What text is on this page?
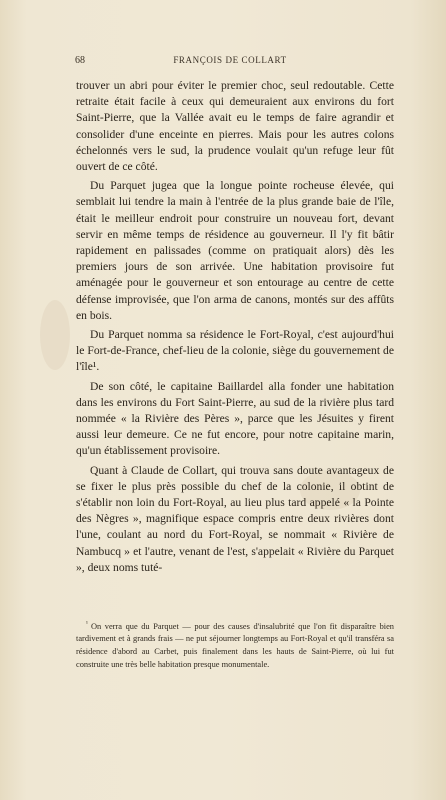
68	FRANÇOIS DE COLLART

trouver un abri pour éviter le premier choc, seul redoutable. Cette retraite était facile à ceux qui demeuraient aux environs du fort Saint-Pierre, que la Vallée avait eu le temps de faire agrandir et consolider d'une enceinte en pierres. Mais pour les autres colons échelonnés vers le sud, la prudence voulait qu'un refuge leur fût ouvert de ce côté.

Du Parquet jugea que la longue pointe rocheuse élevée, qui semblait lui tendre la main à l'entrée de la plus grande baie de l'île, était le meilleur endroit pour construire un nouveau fort, devant servir en même temps de résidence au gouverneur. Il l'y fit bâtir rapidement en palissades (comme on pratiquait alors) dès les premiers jours de son arrivée. Une habitation provisoire fut aménagée pour le gouverneur et son entourage au centre de cette défense improvisée, que l'on arma de canons, montés sur des affûts en bois.

Du Parquet nomma sa résidence le Fort-Royal, c'est aujourd'hui le Fort-de-France, chef-lieu de la colonie, siège du gouvernement de l'île¹.

De son côté, le capitaine Baillardel alla fonder une habitation dans les environs du Fort Saint-Pierre, au sud de la rivière plus tard nommée « la Rivière des Pères », parce que les Jésuites y firent aussi leur demeure. Ce ne fut encore, pour notre capitaine marin, qu'un établissement provisoire.

Quant à Claude de Collart, qui trouva sans doute avantageux de se fixer le plus près possible du chef de la colonie, il obtint de s'établir non loin du Fort-Royal, au lieu plus tard appelé « la Pointe des Nègres », magnifique espace compris entre deux rivières dont l'une, coulant au nord du Fort-Royal, se nommait « Rivière de Nambucq » et l'autre, venant de l'est, s'appelait « Rivière du Parquet », deux noms tuté-

$^{^1}$ On verra que du Parquet — pour des causes d'insalubrité que l'on fit disparaître bien tardivement et à grands frais — ne put séjourner longtemps au Fort-Royal et qu'il transféra sa résidence d'abord au Carbet, puis finalement dans les hauts de Saint-Pierre, où lui fut construite une très belle habitation presque monumentale.
